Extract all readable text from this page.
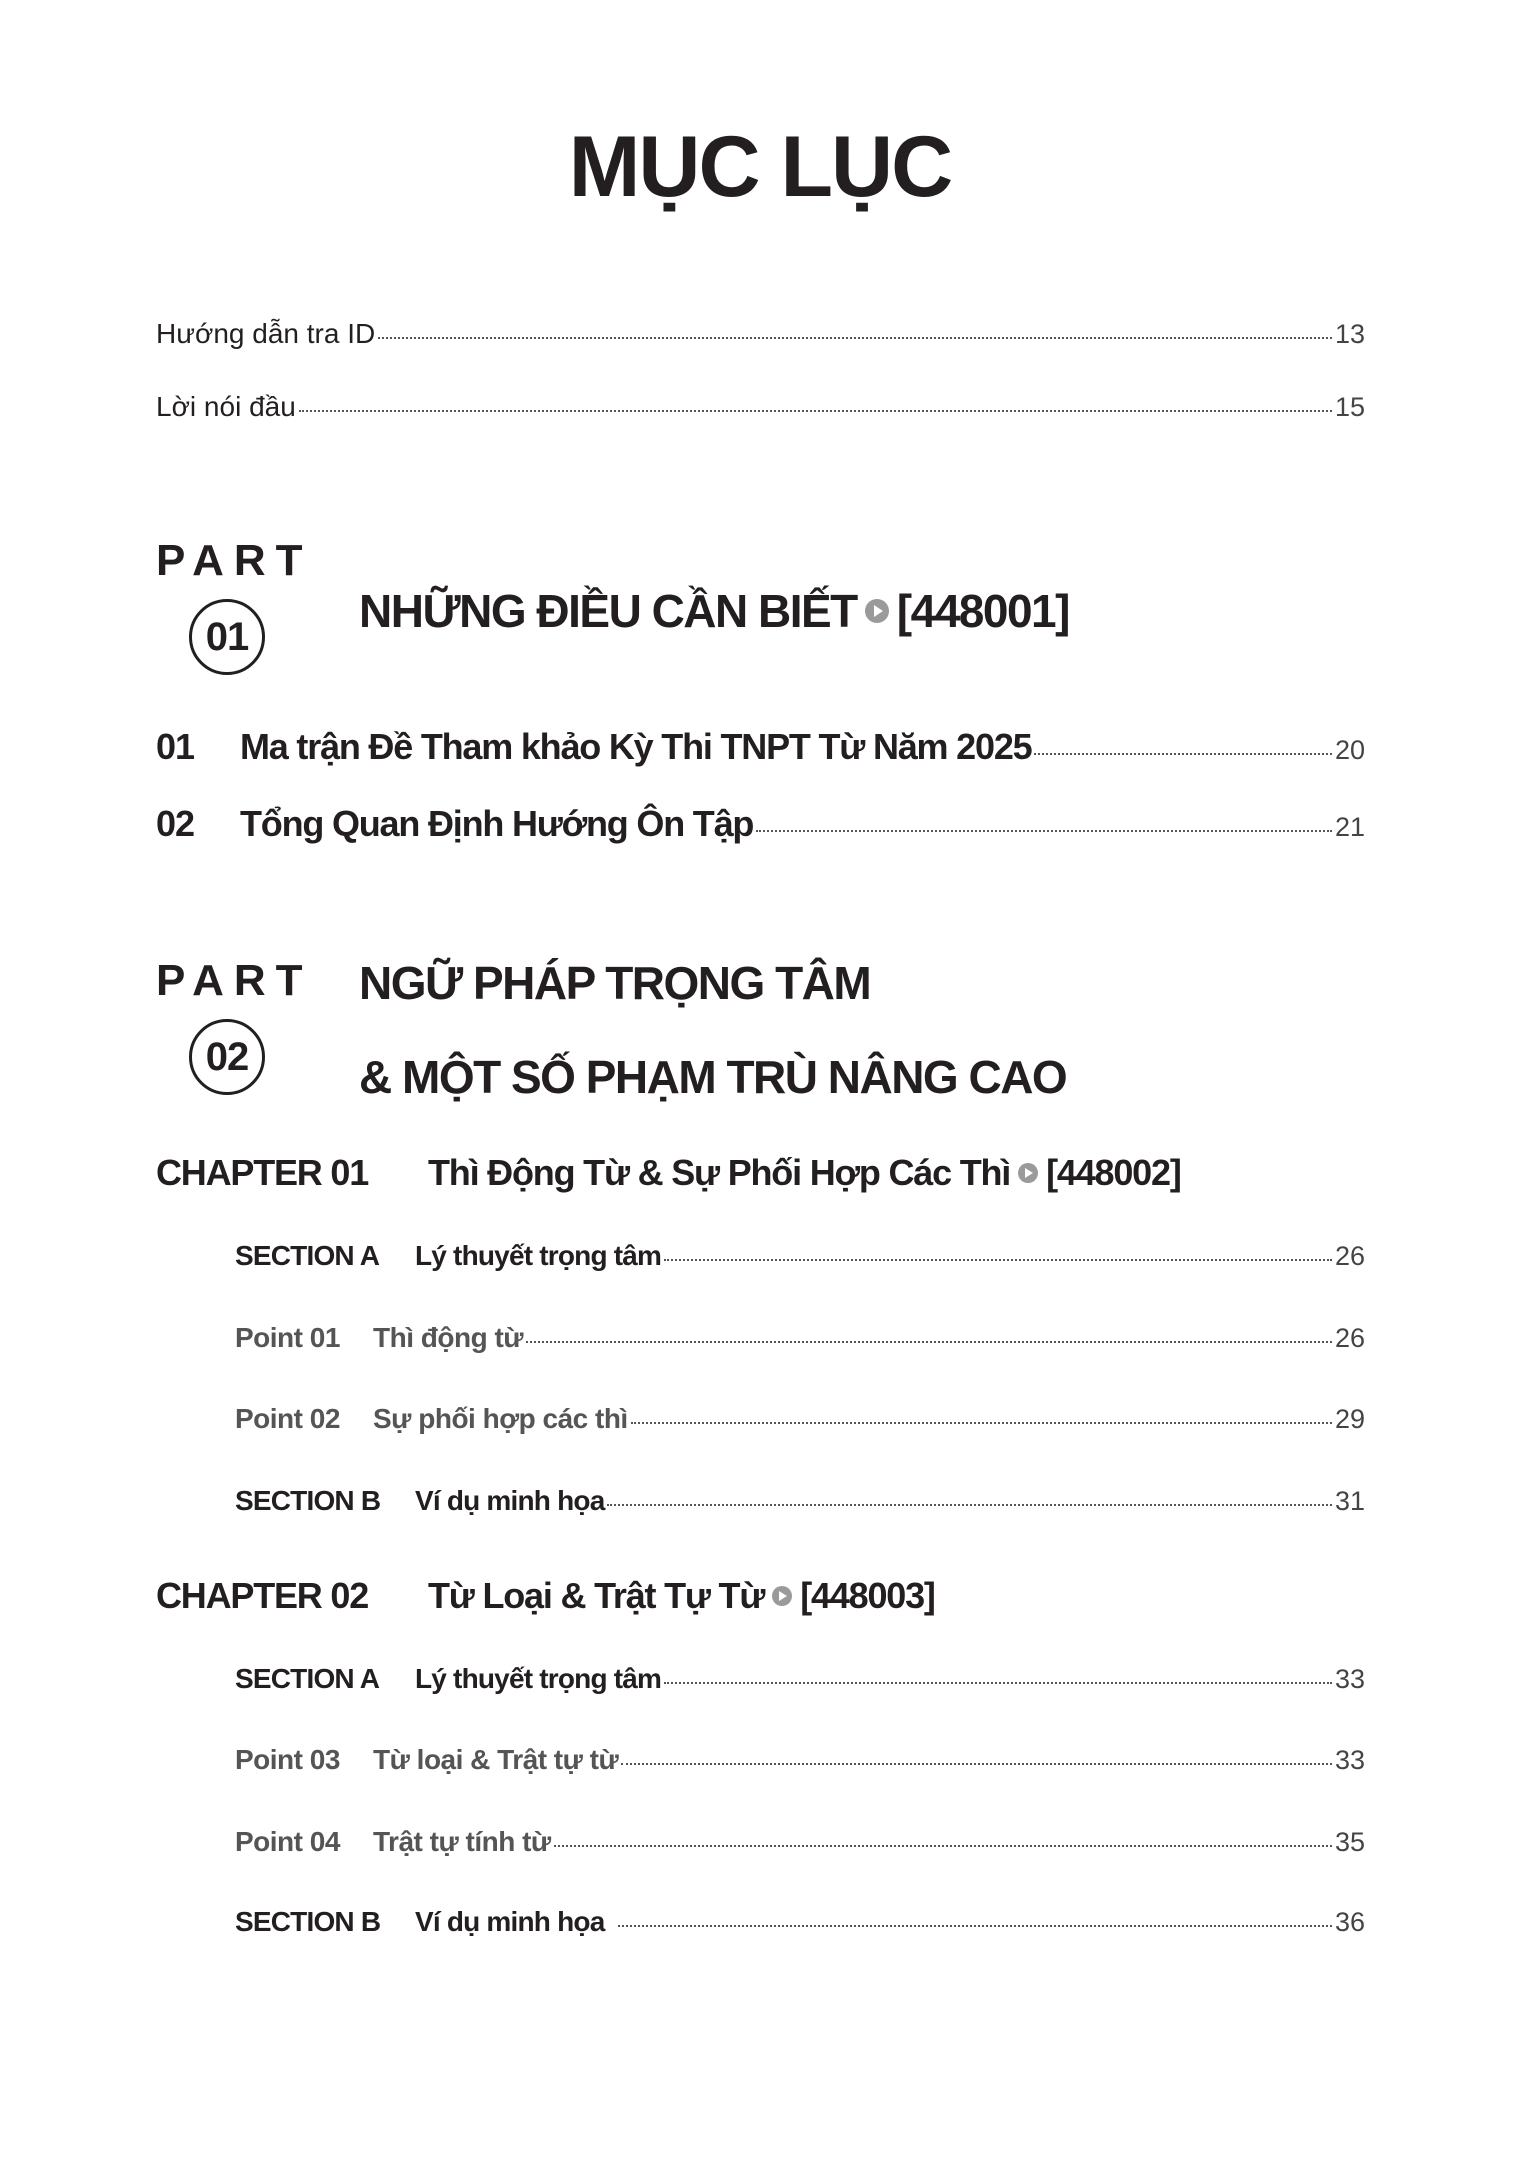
MỤC LỤC
Hướng dẫn tra ID	13
Lời nói đầu	15
PART
01	NHỮNG ĐIỀU CẦN BIẾT [448001]
01	Ma trận Đề Tham khảo Kỳ Thi TNPT Từ Năm 2025	20
02	Tổng Quan Định Hướng Ôn Tập	21
PART
02
NGỮ PHÁP TRỌNG TÂM
& MỘT SỐ PHẠM TRÙ NÂNG CAO
CHAPTER 01	Thì Động Từ & Sự Phối Hợp Các Thì [448002]
SECTION A	Lý thuyết trọng tâm	26
Point 01	Thì động từ	26
Point 02	Sự phối hợp các thì	29
SECTION B	Ví dụ minh họa	31
CHAPTER 02	Từ Loại & Trật Tự Từ [448003]
SECTION A	Lý thuyết trọng tâm	33
Point 03	Từ loại & Trật tự từ	33
Point 04	Trật tự tính từ	35
SECTION B	Ví dụ minh họa	36
